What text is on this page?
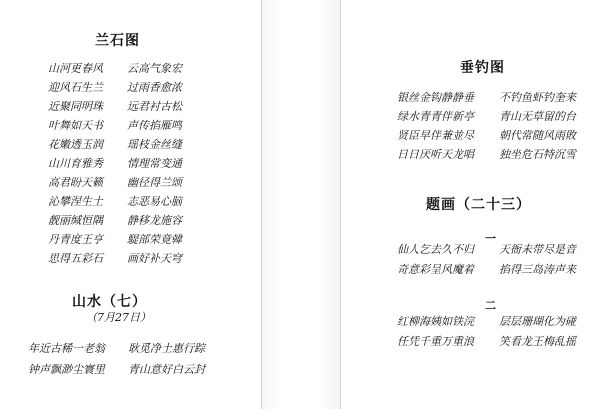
兰石图
山河更春风	云高气象宏
迎风石生兰	过雨香愈浓
近聚同明珠	远君衬古松
叶舞如天书	声传掐雁鸣
花嫩透玉润	瑶枝金丝缝
山川育雅秀	情理常变通
高君盼天籁	幽径得兰颂
沁攀涅生土	志恶易心脑
靓丽缄恒隅	静移龙施容
丹青度王亨	騠部荣竟韓
思得五彩石	画好补天穹
山水（七）
（7月27日）
年近古稀一老翁	耿觅净土惠行踪
钟声飘渺尘寰里	青山意好白云封
垂钓图
银丝金钩静静垂	不钓鱼虾钓奎来
绿水青青伴新亭	青山无草留的台
贤臣早伴兼並尽	朝代常随风雨敗
日日厌听天龙唱	独坐危石特沉雪
题画（二十三）
一
仙人乞去久不归	天衙未带尽是音
奇意彩呈风魔着	掐得三岛涛声来
二
红柳海姨如铁浣	层层珊瑚化为碰
任凭千重万重浪	笑看龙王梅乱摇
